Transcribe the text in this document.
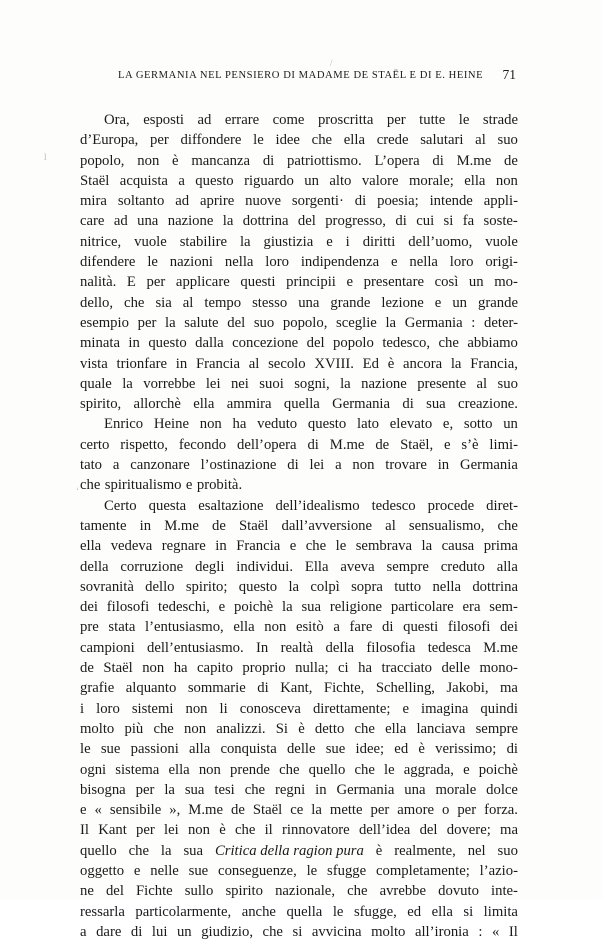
/
l
‘
LA GERMANIA NEL PENSIERO DI MADAME DE STAËL E DI E. HEINE 71
Ora, esposti ad errare come proscritta per tutte le strade
d’Europa, per diffondere le idee che ella crede salutari al suo
popolo, non è mancanza di patriottismo. L’opera di M.me de
Staël acquista a questo riguardo un alto valore morale; ella non
mira soltanto ad aprire nuove sorgenti· di poesia; intende appli-
care ad una nazione la dottrina del progresso, di cui si fa soste-
nitrice, vuole stabilire la giustizia e i diritti dell’uomo, vuole
difendere le nazioni nella loro indipendenza e nella loro origi-
nalità. E per applicare questi principii e presentare così un mo-
dello, che sia al tempo stesso una grande lezione e un grande
esempio per la salute del suo popolo, sceglie la Germania : deter-
minata in questo dalla concezione del popolo tedesco, che abbiamo
vista trionfare in Francia al secolo XVIII. Ed è ancora la Francia,
quale la vorrebbe lei nei suoi sogni, la nazione presente al suo
spirito, allorchè ella ammira quella Germania di sua creazione.
Enrico Heine non ha veduto questo lato elevato e, sotto un
certo rispetto, fecondo dell’opera di M.me de Staël, e s’è limi-
tato a canzonare l’ostinazione di lei a non trovare in Germania
che spiritualismo e probità.
Certo questa esaltazione dell’idealismo tedesco procede diret-
tamente in M.me de Staël dall’avversione al sensualismo, che
ella vedeva regnare in Francia e che le sembrava la causa prima
della corruzione degli individui. Ella aveva sempre creduto alla
sovranità dello spirito; questo la colpì sopra tutto nella dottrina
dei filosofi tedeschi, e poichè la sua religione particolare era sem-
pre stata l’entusiasmo, ella non esitò a fare di questi filosofi dei
campioni dell’entusiasmo. In realtà della filosofia tedesca M.me
de Staël non ha capito proprio nulla; ci ha tracciato delle mono-
grafie alquanto sommarie di Kant, Fichte, Schelling, Jakobi, ma
i loro sistemi non li conosceva direttamente; e imagina quindi
molto più che non analizzi. Si è detto che ella lanciava sempre
le sue passioni alla conquista delle sue idee; ed è verissimo; di
ogni sistema ella non prende che quello che le aggrada, e poichè
bisogna per la sua tesi che regni in Germania una morale dolce
e « sensibile », M.me de Staël ce la mette per amore o per forza.
Il Kant per lei non è che il rinnovatore dell’idea del dovere; ma
quello che la sua Critica della ragion pura è realmente, nel suo
oggetto e nelle sue conseguenze, le sfugge completamente; l’azio-
ne del Fichte sullo spirito nazionale, che avrebbe dovuto inte-
ressarla particolarmente, anche quella le sfugge, ed ella si limita
a dare di lui un giudizio, che si avvicina molto all’ironia : « Il
